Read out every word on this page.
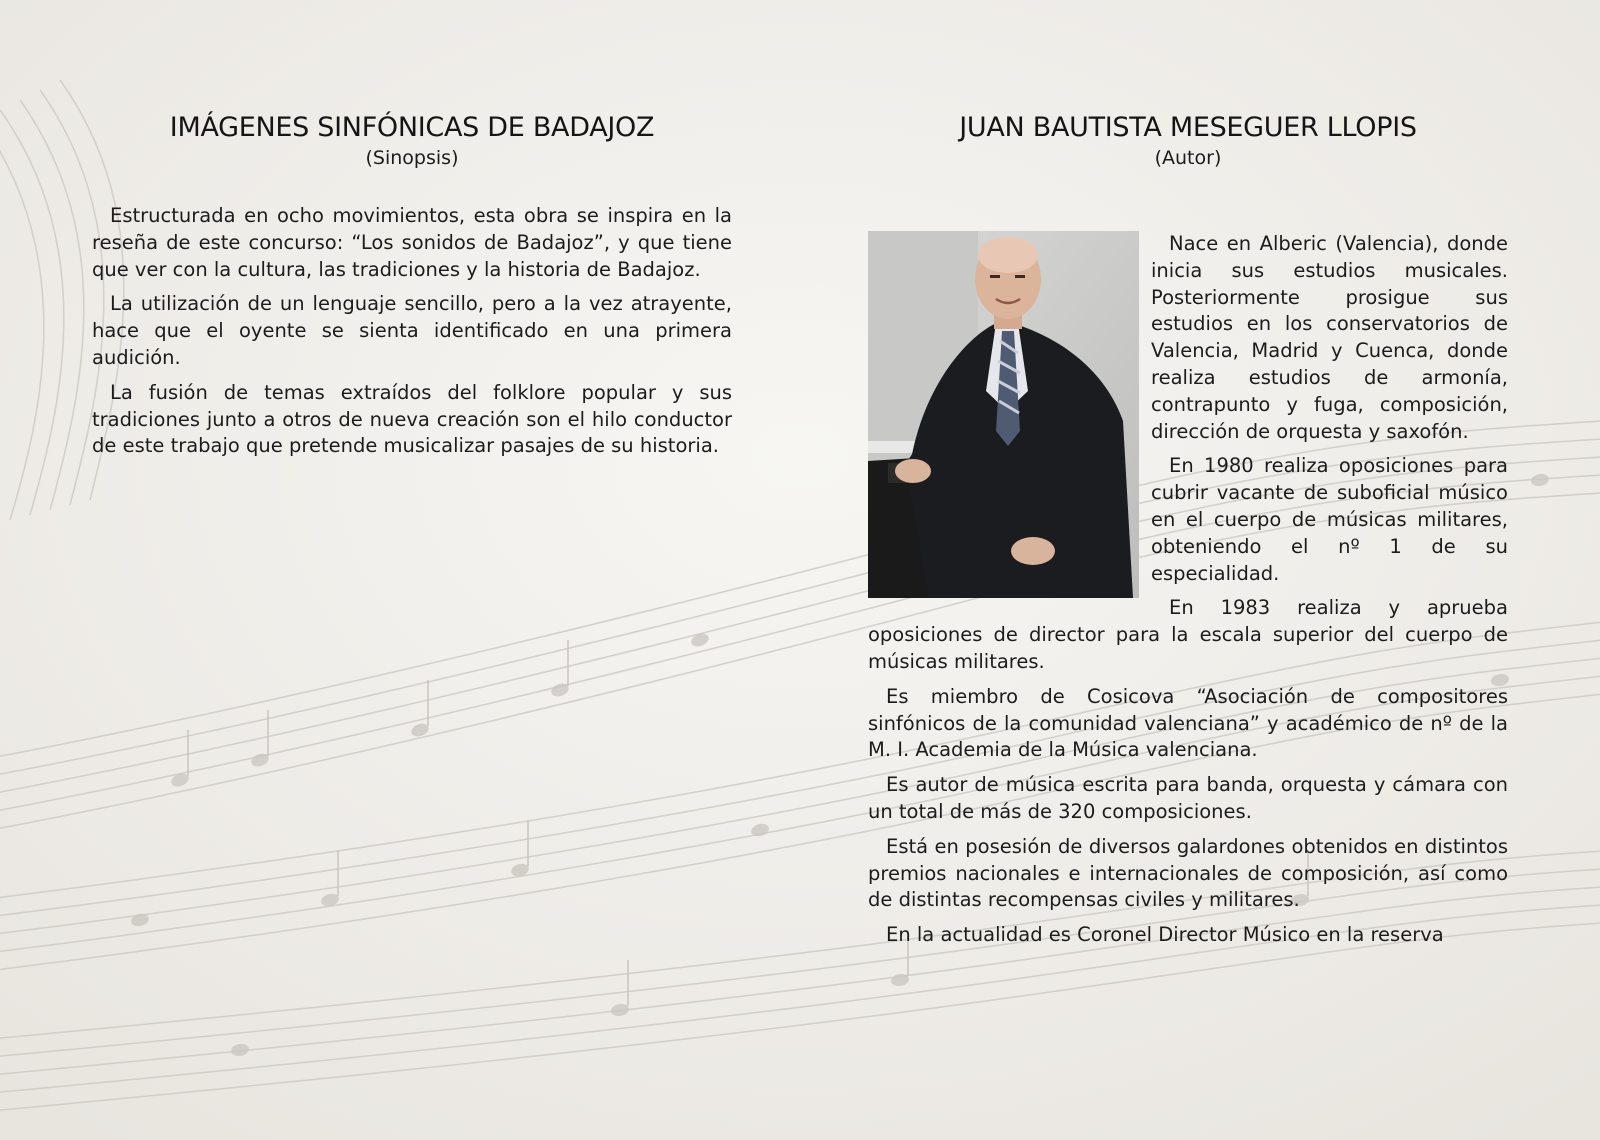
IMÁGENES SINFÓNICAS DE BADAJOZ
(Sinopsis)

Estructurada en ocho movimientos, esta obra se inspira en la reseña de este concurso: “Los sonidos de Badajoz”, y que tiene que ver con la cultura, las tradiciones y la historia de Badajoz.

La utilización de un lenguaje sencillo, pero a la vez atrayente, hace que el oyente se sienta identificado en una primera audición.

La fusión de temas extraídos del folklore popular y sus tradiciones junto a otros de nueva creación son el hilo conductor de este trabajo que pretende musicalizar pasajes de su historia.

JUAN BAUTISTA MESEGUER LLOPIS
(Autor)

Nace en Alberic (Valencia), donde inicia sus estudios musicales. Posteriormente prosigue sus estudios en los conservatorios de Valencia, Madrid y Cuenca, donde realiza estudios de armonía, contrapunto y fuga, composición, dirección de orquesta y saxofón.

En 1980 realiza oposiciones para cubrir vacante de suboficial músico en el cuerpo de músicas militares, obteniendo el nº 1 de su especialidad.

En 1983 realiza y aprueba oposiciones de director para la escala superior del cuerpo de músicas militares.

Es miembro de Cosicova “Asociación de compositores sinfónicos de la comunidad valenciana” y académico de nº de la M. I. Academia de la Música valenciana.

Es autor de música escrita para banda, orquesta y cámara con un total de más de 320 composiciones.

Está en posesión de diversos galardones obtenidos en distintos premios nacionales e internacionales de composición, así como de distintas recompensas civiles y militares.

En la actualidad es Coronel Director Músico en la reserva
